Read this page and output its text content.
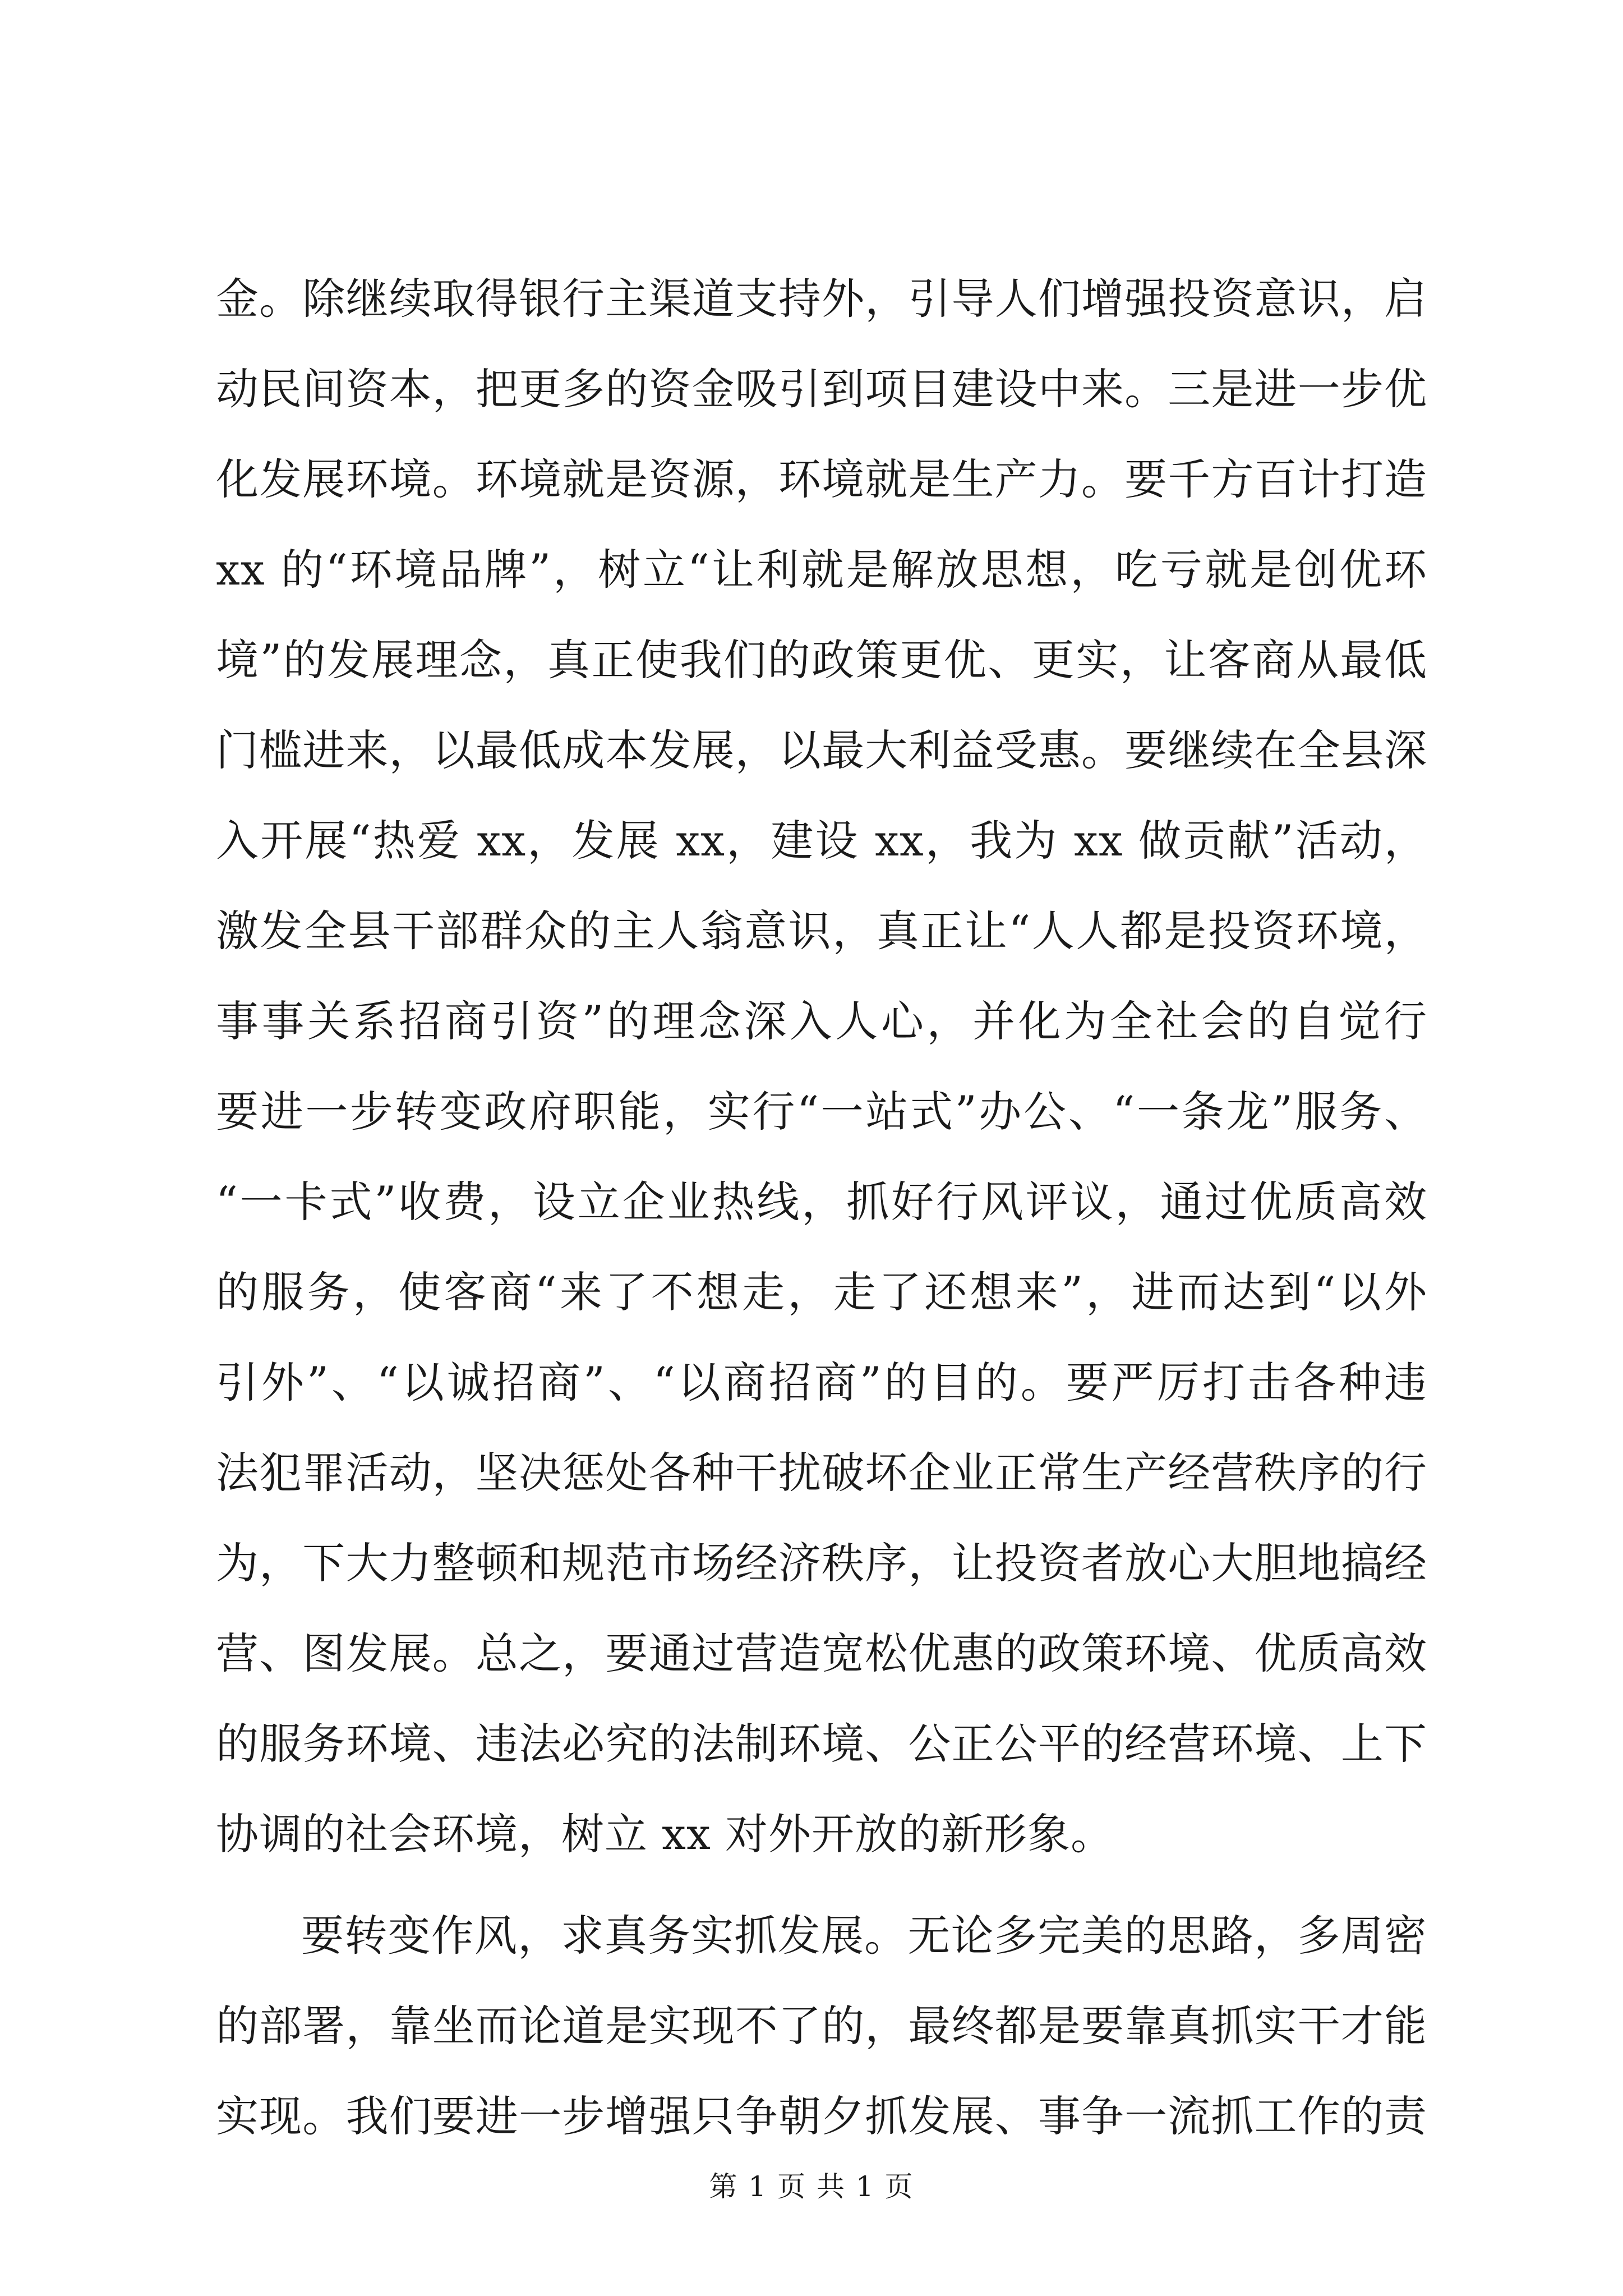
金。除继续取得银行主渠道支持外，引导人们增强投资意识，启
动民间资本，把更多的资金吸引到项目建设中来。三是进一步优
化发展环境。环境就是资源，环境就是生产力。要千方百计打造
xx 的“环境品牌”，树立“让利就是解放思想，吃亏就是创优环
境”的发展理念，真正使我们的政策更优、更实，让客商从最低
门槛进来，以最低成本发展，以最大利益受惠。要继续在全县深
入开展“热爱 xx，发展 xx，建设 xx，我为 xx 做贡献”活动，
激发全县干部群众的主人翁意识，真正让“人人都是投资环境，
事事关系招商引资”的理念深入人心，并化为全社会的自觉行
要进一步转变政府职能，实行“一站式”办公、“一条龙”服务、
“一卡式”收费，设立企业热线，抓好行风评议，通过优质高效
的服务，使客商“来了不想走，走了还想来”，进而达到“以外
引外”、“以诚招商”、“以商招商”的目的。要严厉打击各种违
法犯罪活动，坚决惩处各种干扰破坏企业正常生产经营秩序的行
为，下大力整顿和规范市场经济秩序，让投资者放心大胆地搞经
营、图发展。总之，要通过营造宽松优惠的政策环境、优质高效
的服务环境、违法必究的法制环境、公正公平的经营环境、上下
协调的社会环境，树立 xx 对外开放的新形象。
要转变作风，求真务实抓发展。无论多完美的思路，多周密
的部署，靠坐而论道是实现不了的，最终都是要靠真抓实干才能
实现。我们要进一步增强只争朝夕抓发展、事争一流抓工作的责
第 1 页 共 1 页
